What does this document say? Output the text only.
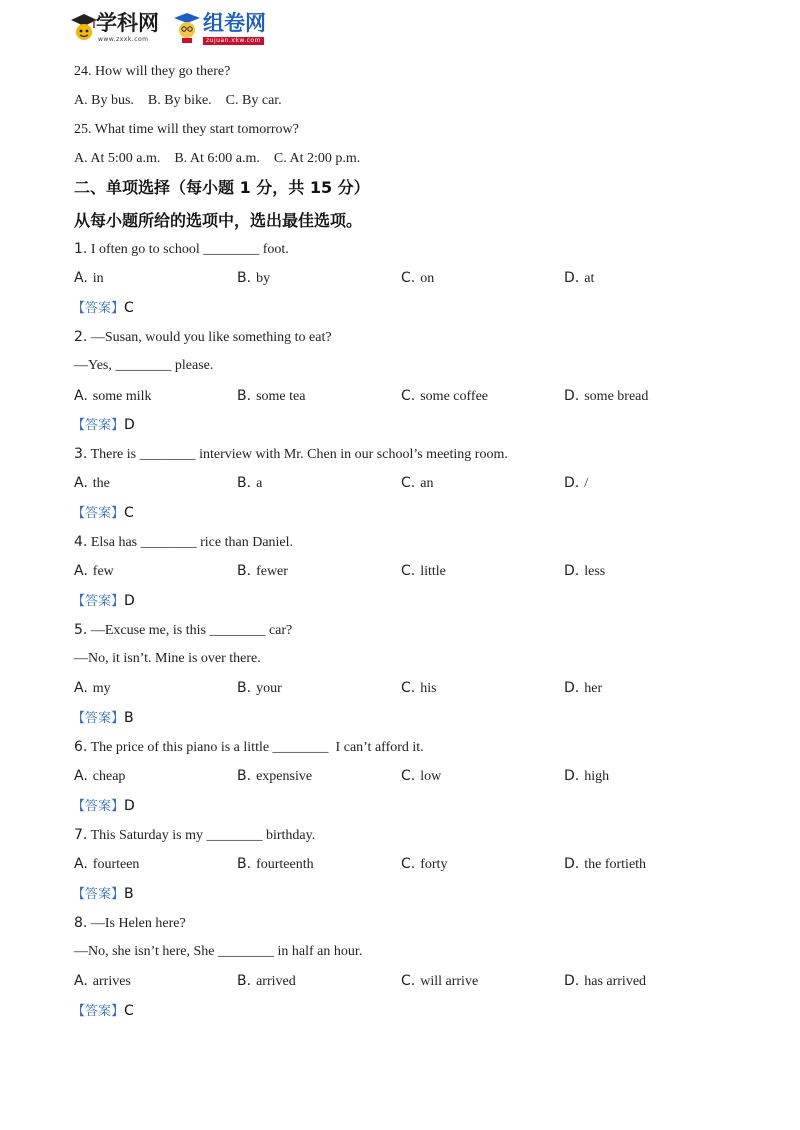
学科网
www.zxxk.com
组卷网
zujuan.xkw.com
24. How will they go there?
A. By bus.    B. By bike.    C. By car.
25. What time will they start tomorrow?
A. At 5:00 a.m.    B. At 6:00 a.m.    C. At 2:00 p.m.
二、单项选择（每小题 1 分，共 15 分）
从每小题所给的选项中，选出最佳选项。
1. I often go to school ________ foot.
A. in	B. by	C. on	D. at
【答案】C
2. —Susan, would you like something to eat?
—Yes, ________ please.
A. some milk	B. some tea	C. some coffee	D. some bread
【答案】D
3. There is ________ interview with Mr. Chen in our school’s meeting room.
A. the	B. a	C. an	D. /
【答案】C
4. Elsa has ________ rice than Daniel.
A. few	B. fewer	C. little	D. less
【答案】D
5. —Excuse me, is this ________ car?
—No, it isn’t. Mine is over there.
A. my	B. your	C. his	D. her
【答案】B
6. The price of this piano is a little ________  I can’t afford it.
A. cheap	B. expensive	C. low	D. high
【答案】D
7. This Saturday is my ________ birthday.
A. fourteen	B. fourteenth	C. forty	D. the fortieth
【答案】B
8. —Is Helen here?
—No, she isn’t here, She ________ in half an hour.
A. arrives	B. arrived	C. will arrive	D. has arrived
【答案】C
